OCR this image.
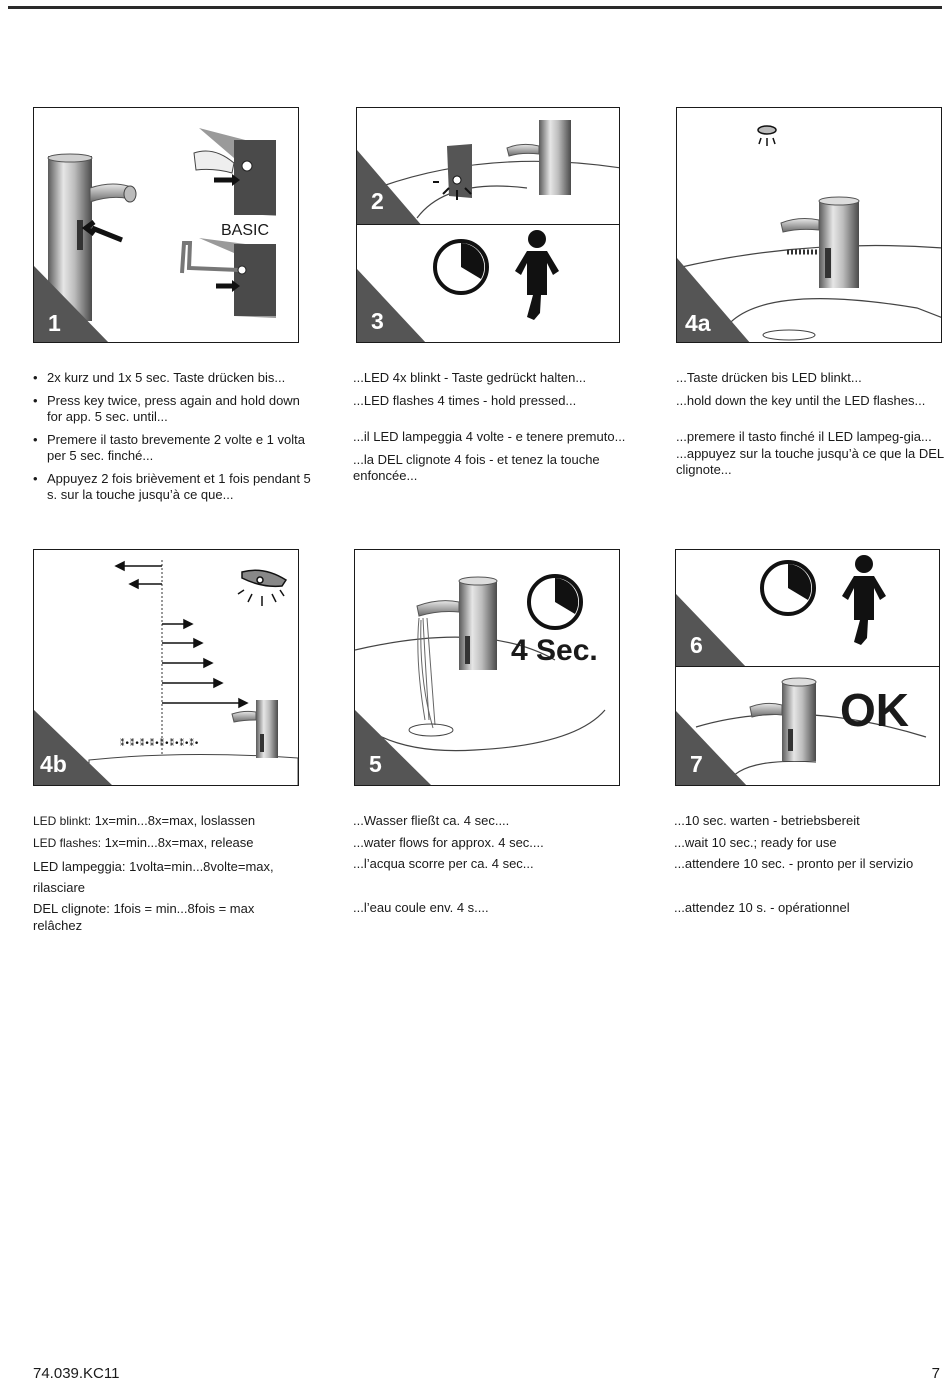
BASIC
1
2
3	4a
⁑•⁑•⁑•⁑•⁑•⁑•⁑•⁑•
4b
4 Sec.
5
6
OK
7

• 2x kurz und 1x 5 sec. Taste drücken bis...

• Press key twice, press again and hold down for app. 5 sec. until...

• Premere il tasto brevemente 2 volte e 1 volta per 5 sec. finché...

• Appuyez 2 fois brièvement et 1 fois pendant 5 s. sur la touche jusqu’à ce que...

...LED 4x blinkt - Taste gedrückt halten...

...LED flashes 4 times - hold pressed...

...il LED lampeggia 4 volte - e tenere premuto...

...la DEL clignote 4 fois - et tenez la touche enfoncée...

...Taste drücken bis LED blinkt...

...hold down the key until the LED flashes...

...premere il tasto finché il LED lampeg-gia...

...appuyez sur la touche jusqu’à ce que la DEL clignote...

LED blinkt: 1x=min...8x=max, loslassen

LED flashes: 1x=min...8x=max, release

LED lampeggia: 1volta=min...8volte=max, rilasciare

DEL clignote: 1fois = min...8fois = max relâchez

...Wasser fließt ca. 4 sec....

...water flows for approx. 4 sec....

...l’acqua scorre per ca. 4 sec...

...l’eau coule env. 4 s....

...10 sec. warten - betriebsbereit

...wait 10 sec.; ready for use

...attendere 10 sec. - pronto per il servizio

...attendez 10 s. - opérationnel

74.039.KC11	7
